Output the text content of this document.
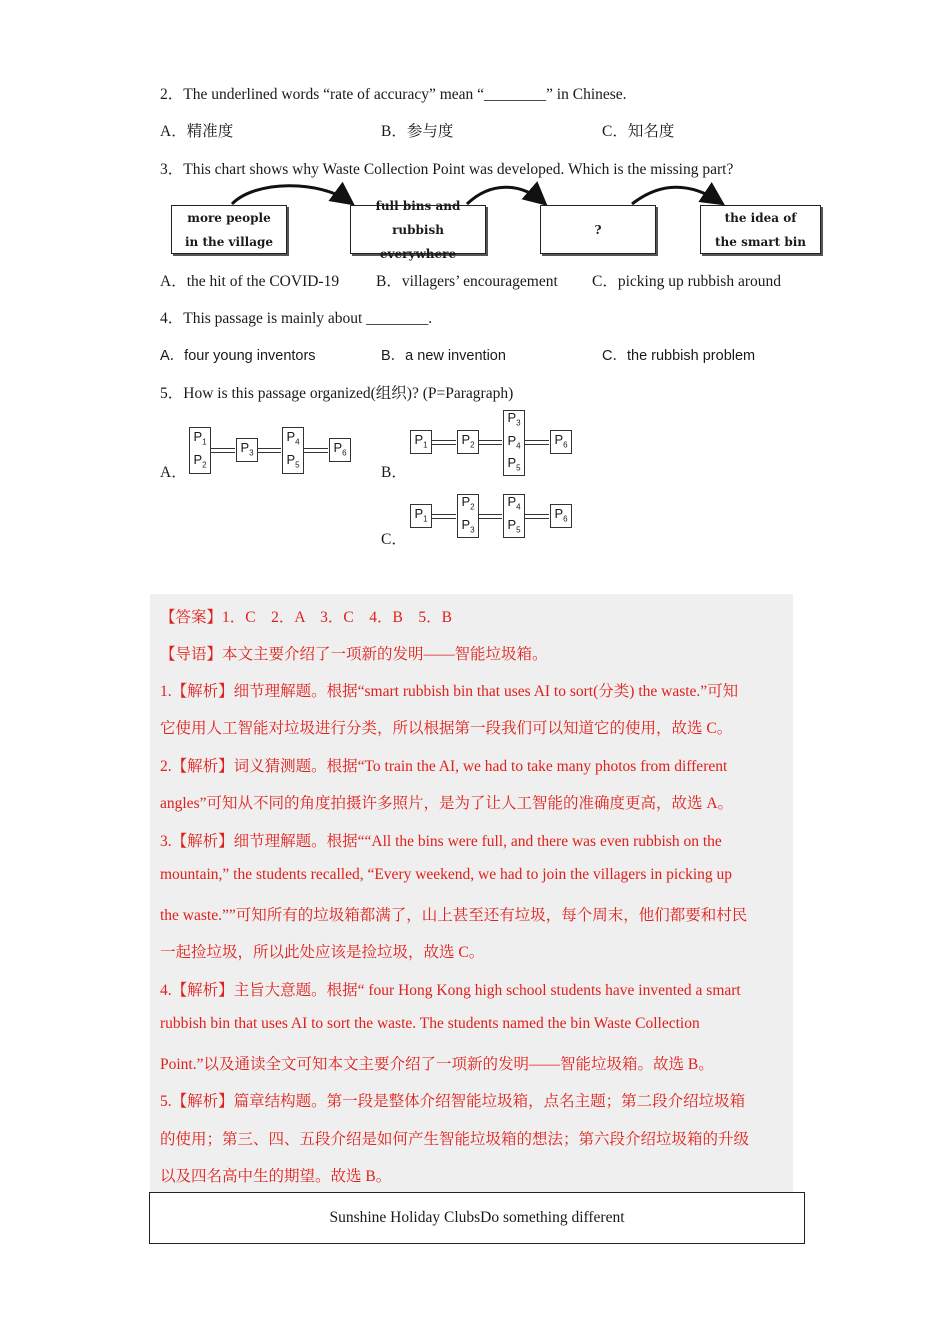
2．The underlined words “rate of accuracy” mean “________” in Chinese.
A．精准度	B．参与度	C．知名度
3．This chart shows why Waste Collection Point was developed. Which is the missing part?
more people
in the village
full bins and rubbish
everywhere
?
the idea of
the smart bin
A．the hit of the COVID-19 B．villagers’ encouragement C．picking up rubbish around
4．This passage is mainly about ________.
A．four young inventors	B．a new invention	C．the rubbish problem
5．How is this passage organized(组织)? (P=Paragraph)
A．
$P_1$
$P_2$
$P_3$
$P_4$
$P_5$
$P_6$
B．
$P_1$	$P_2$
$P_3$
$P_4$
$P_5$
$P_6$
C．
$P_1$
$P_2$
$P_3$
$P_4$
$P_5$
$P_6$
【答案】1．C　2．A　3．C　4．B　5．B
【导语】本文主要介绍了一项新的发明——智能垃圾箱。
1.【解析】细节理解题。根据“smart rubbish bin that uses AI to sort(分类) the waste.”可知
它使用人工智能对垃圾进行分类，所以根据第一段我们可以知道它的使用，故选 C。
2.【解析】词义猜测题。根据“To train the AI, we had to take many photos from different
angles”可知从不同的角度拍摄许多照片，是为了让人工智能的准确度更高，故选 A。
3.【解析】细节理解题。根据““All the bins were full, and there was even rubbish on the
mountain,” the students recalled, “Every weekend, we had to join the villagers in picking up
the waste.””可知所有的垃圾箱都满了，山上甚至还有垃圾，每个周末，他们都要和村民
一起捡垃圾，所以此处应该是捡垃圾，故选 C。
4.【解析】主旨大意题。根据“ four Hong Kong high school students have invented a smart
rubbish bin that uses AI to sort the waste. The students named the bin Waste Collection
Point.”以及通读全文可知本文主要介绍了一项新的发明——智能垃圾箱。故选 B。
5.【解析】篇章结构题。第一段是整体介绍智能垃圾箱，点名主题；第二段介绍垃圾箱
的使用；第三、四、五段介绍是如何产生智能垃圾箱的想法；第六段介绍垃圾箱的升级
以及四名高中生的期望。故选 B。
Sunshine Holiday ClubsDo something different
